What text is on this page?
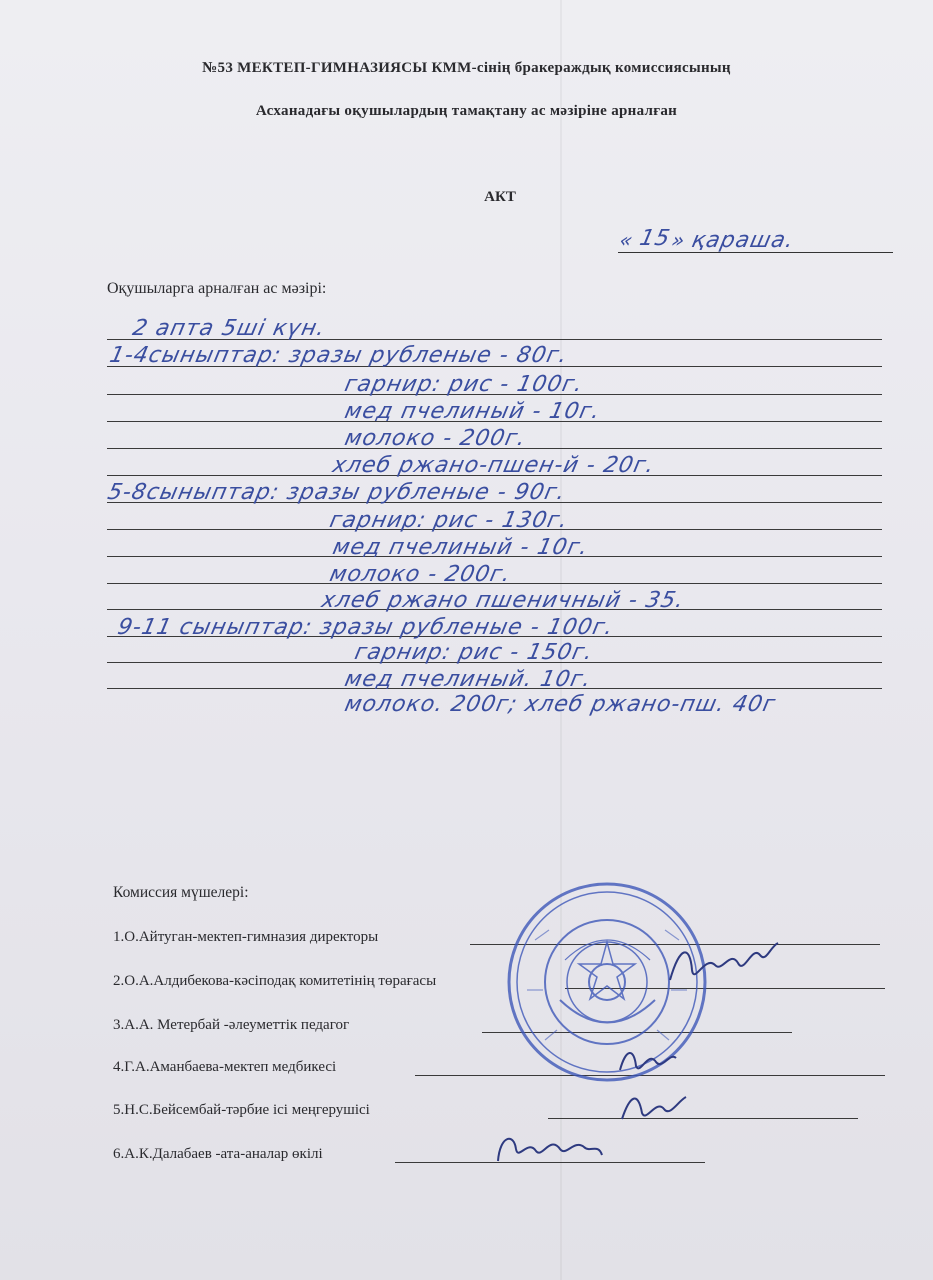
№53 МЕКТЕП-ГИМНАЗИЯСЫ КММ-сінің бракераждық комиссиясының
Асханадағы оқушылардың тамақтану ас мәзіріне арналған
АКТ
« 15
» қараша.
Оқушыларга арналған ас мәзірі:
2 апта 5ші күн.
1-4сыныптар: зразы рубленые - 80г.
гарнир: рис - 100г.
мед пчелиный - 10г.
молоко - 200г.
хлеб ржано-пшен-й - 20г.
5-8сыныптар: зразы рубленые - 90г.
гарнир: рис - 130г.
мед пчелиный - 10г.
молоко - 200г.
хлеб ржано пшеничный - 35.
9-11 сыныптар: зразы рубленые - 100г.
гарнир: рис - 150г.
мед пчелиный. 10г.
молоко. 200г; хлеб ржано-пш. 40г
Комиссия мүшелері:
1.О.Айтуган-мектеп-гимназия директоры
2.О.А.Алдибекова-кәсіподақ комитетінің төрағасы
3.А.А. Метербай -әлеуметтік педагог
4.Г.А.Аманбаева-мектеп медбикесі
5.Н.С.Бейсембай-тәрбие ісі меңгерушісі
6.А.К.Далабаев -ата-аналар өкілі
